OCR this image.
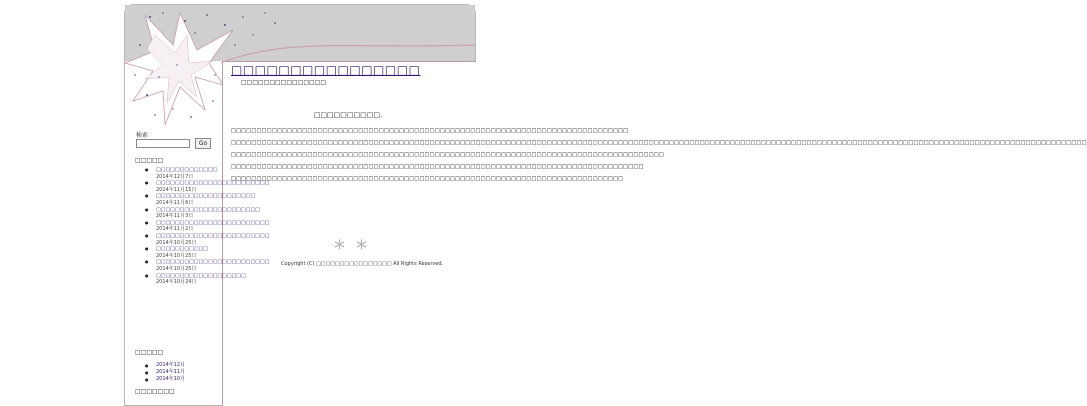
□□□□□□□□□□□□□□□□
□□□□□□□□□□□□□□□
検索
Go
□□□□□
● □□□□□□□□□□□□□ 2014年12月7日
● □□□□□□□□□□□□□□□□□□□□□□□□ 2014年11月15日
● □□□□□□□□□□□□□□□□□□□□□ 2014年11月6日
● □□□□□□□□□□□□□□□□□□□□□□ 2014年11月3日
● □□□□□□□□□□□□□□□□□□□□□□□□ 2014年11月2日
● □□□□□□□□□□□□□□□□□□□□□□□□ 2014年10月25日
● □□□□□□□□□□□ 2014年10月25日
● □□□□□□□□□□□□□□□□□□□□□□□□ 2014年10月25日
● □□□□□□□□□□□□□□□□□□□ 2014年10月24日
□□□□□
● 2014年12月
● 2014年11月
● 2014年10月
□□□□□□□
□□□□□□□□□□.

□□□□□□□□□□□□□□□□□□□□□□□□□□□□□□□□□□□□□□□□□□□□□□□□□□□□□□□□□□□□□□□□□□□□□□□□□□□□□□

□□□□□□□□□□□□□□□□□□□□□□□□□□□□□□□□□□□□□□□□□□□□□□□□□□□□□□□□□□□□□□□□□□□□□□□□□□□□□□□□□□□□□□□□□□□□□□□□□□□□□□□□□□□□□□□□□□□□□□□□□□□□□□□□□□□□□□□□□□□□□□□□□□□□□□□□□□□□□□□□□□□□□□□□

□□□□□□□□□□□□□□□□□□□□□□□□□□□□□□□□□□□□□□□□□□□□□□□□□□□□□□□□□□□□□□□□□□□□□□□□□□□□□□□□□□□□□

□□□□□□□□□□□□□□□□□□□□□□□□□□□□□□□□□□□□□□□□□□□□□□□□□□□□□□□□□□□□□□□□□□□□□□□□□□□□□□□□□

□□□□□□□□□□□□□□□□□□□□□□□□□□□□□□□□□□□□□□□□□□□□□□□□□□□□□□□□□□□□□□□□□□□□□□□□□□□□□

* *
Copyright (C) □□□□□□□□□□□□□□□□ All Rights Reserved.
